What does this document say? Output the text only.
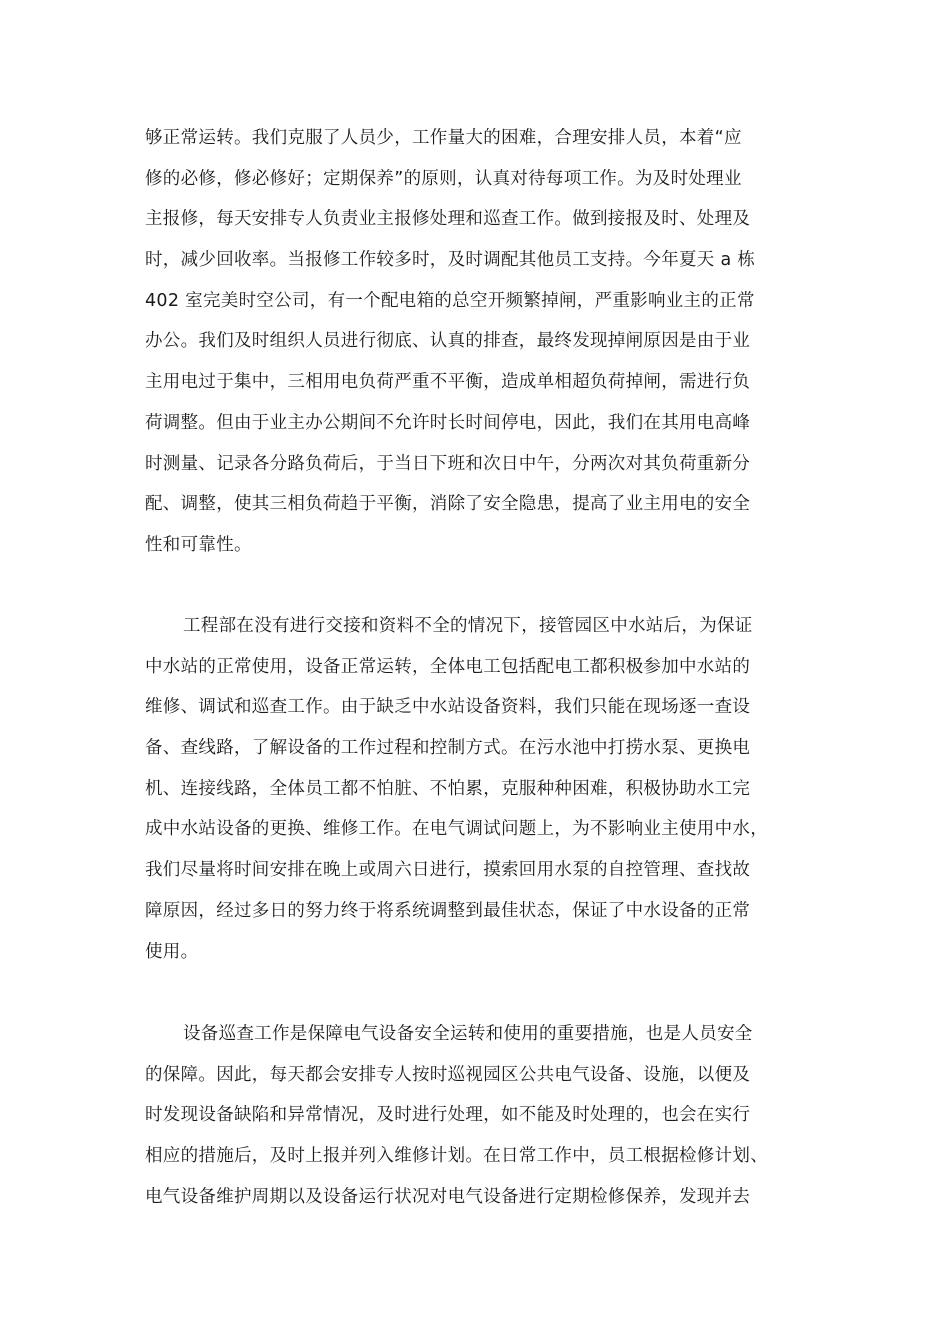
够正常运转。我们克服了人员少，工作量大的困难，合理安排人员，本着“应
修的必修，修必修好；定期保养”的原则，认真对待每项工作。为及时处理业
主报修，每天安排专人负责业主报修处理和巡查工作。做到接报及时、处理及
时，减少回收率。当报修工作较多时，及时调配其他员工支持。今年夏天 a 栋
402 室完美时空公司，有一个配电箱的总空开频繁掉闸，严重影响业主的正常
办公。我们及时组织人员进行彻底、认真的排查，最终发现掉闸原因是由于业
主用电过于集中，三相用电负荷严重不平衡，造成单相超负荷掉闸，需进行负
荷调整。但由于业主办公期间不允许时长时间停电，因此，我们在其用电高峰
时测量、记录各分路负荷后，于当日下班和次日中午，分两次对其负荷重新分
配、调整，使其三相负荷趋于平衡，消除了安全隐患，提高了业主用电的安全
性和可靠性。
工程部在没有进行交接和资料不全的情况下，接管园区中水站后，为保证
中水站的正常使用，设备正常运转，全体电工包括配电工都积极参加中水站的
维修、调试和巡查工作。由于缺乏中水站设备资料，我们只能在现场逐一查设
备、查线路，了解设备的工作过程和控制方式。在污水池中打捞水泵、更换电
机、连接线路，全体员工都不怕脏、不怕累，克服种种困难，积极协助水工完
成中水站设备的更换、维修工作。在电气调试问题上，为不影响业主使用中水，
我们尽量将时间安排在晚上或周六日进行，摸索回用水泵的自控管理、查找故
障原因，经过多日的努力终于将系统调整到最佳状态，保证了中水设备的正常
使用。
设备巡查工作是保障电气设备安全运转和使用的重要措施，也是人员安全
的保障。因此，每天都会安排专人按时巡视园区公共电气设备、设施，以便及
时发现设备缺陷和异常情况，及时进行处理，如不能及时处理的，也会在实行
相应的措施后，及时上报并列入维修计划。在日常工作中，员工根据检修计划、
电气设备维护周期以及设备运行状况对电气设备进行定期检修保养，发现并去
